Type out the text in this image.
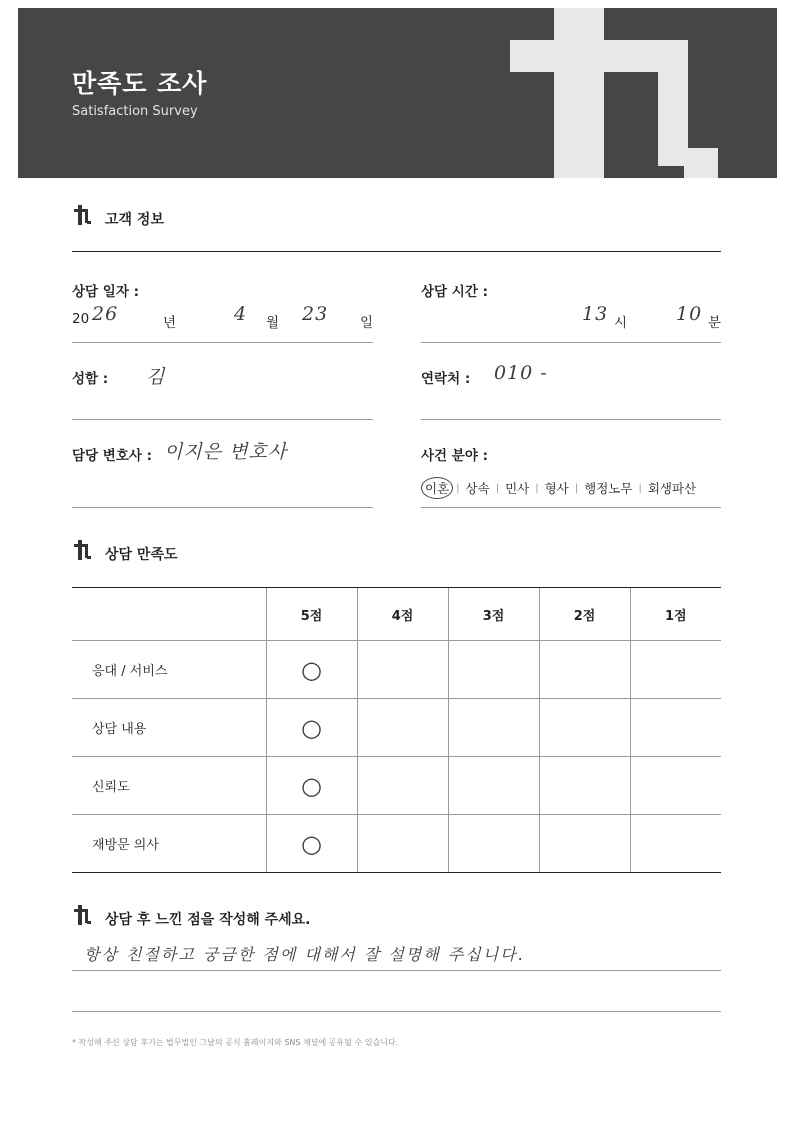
만족도 조사
Satisfaction Survey
고객 정보
상담 일자 :
20 26	년	4 월 23 일
상담 시간 :
13 시	10 분
성함 : 김	연락처 : 010 -
담당 변호사 : 이지은 변호사	사건 분야 :
이혼 | 상속 | 민사 | 형사 | 행정노무 | 회생파산
상담 만족도
	5점	4점	3점	2점	1점
응대 / 서비스	○				
상담 내용	○				
신뢰도	○				
재방문 의사	○				
상담 후 느낀 점을 작성해 주세요.
항상 친절하고 궁금한 점에 대해서 잘 설명해 주십니다.
* 작성해 주신 상담 후기는 법무법인 그날의 공식 홈페이지와 SNS 채널에 공유될 수 있습니다.
